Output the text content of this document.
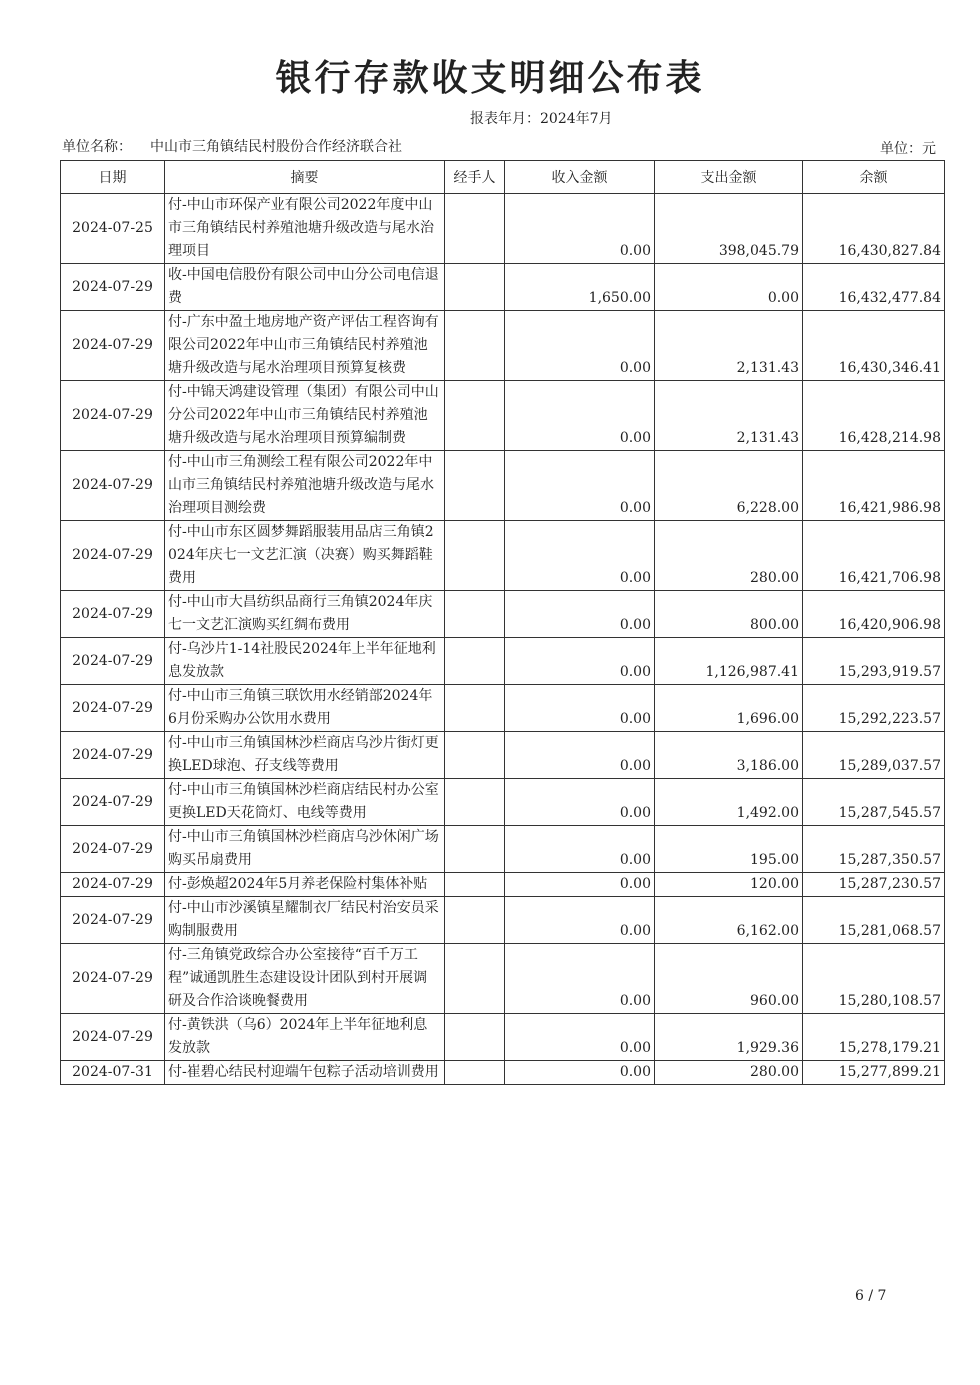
银行存款收支明细公布表
报表年月：2024年7月
单位名称： 中山市三角镇结民村股份合作经济联合社	单位：元
日期	摘要	经手人	收入金额	支出金额	余额
2024-07-25	付-中山市环保产业有限公司2022年度中山市三角镇结民村养殖池塘升级改造与尾水治理项目		0.00	398,045.79	16,430,827.84
2024-07-29	收-中国电信股份有限公司中山分公司电信退费		1,650.00	0.00	16,432,477.84
2024-07-29	付-广东中盈土地房地产资产评估工程咨询有限公司2022年中山市三角镇结民村养殖池塘升级改造与尾水治理项目预算复核费		0.00	2,131.43	16,430,346.41
2024-07-29	付-中锦天鸿建设管理（集团）有限公司中山分公司2022年中山市三角镇结民村养殖池塘升级改造与尾水治理项目预算编制费		0.00	2,131.43	16,428,214.98
2024-07-29	付-中山市三角测绘工程有限公司2022年中山市三角镇结民村养殖池塘升级改造与尾水治理项目测绘费		0.00	6,228.00	16,421,986.98
2024-07-29	付-中山市东区圆梦舞蹈服装用品店三角镇2024年庆七一文艺汇演（决赛）购买舞蹈鞋费用		0.00	280.00	16,421,706.98
2024-07-29	付-中山市大昌纺织品商行三角镇2024年庆七一文艺汇演购买红绸布费用		0.00	800.00	16,420,906.98
2024-07-29	付-乌沙片1-14社股民2024年上半年征地利息发放款		0.00	1,126,987.41	15,293,919.57
2024-07-29	付-中山市三角镇三联饮用水经销部2024年6月份采购办公饮用水费用		0.00	1,696.00	15,292,223.57
2024-07-29	付-中山市三角镇国林沙栏商店乌沙片街灯更换LED球泡、孖支线等费用		0.00	3,186.00	15,289,037.57
2024-07-29	付-中山市三角镇国林沙栏商店结民村办公室更换LED天花筒灯、电线等费用		0.00	1,492.00	15,287,545.57
2024-07-29	付-中山市三角镇国林沙栏商店乌沙休闲广场购买吊扇费用		0.00	195.00	15,287,350.57
2024-07-29	付-彭焕超2024年5月养老保险村集体补贴		0.00	120.00	15,287,230.57
2024-07-29	付-中山市沙溪镇星耀制衣厂结民村治安员采购制服费用		0.00	6,162.00	15,281,068.57
2024-07-29	付-三角镇党政综合办公室接待“百千万工程”诚通凯胜生态建设设计团队到村开展调研及合作洽谈晚餐费用		0.00	960.00	15,280,108.57
2024-07-29	付-黄铁洪（乌6）2024年上半年征地利息发放款		0.00	1,929.36	15,278,179.21
2024-07-31	付-崔碧心结民村迎端午包粽子活动培训费用		0.00	280.00	15,277,899.21
6 / 7
